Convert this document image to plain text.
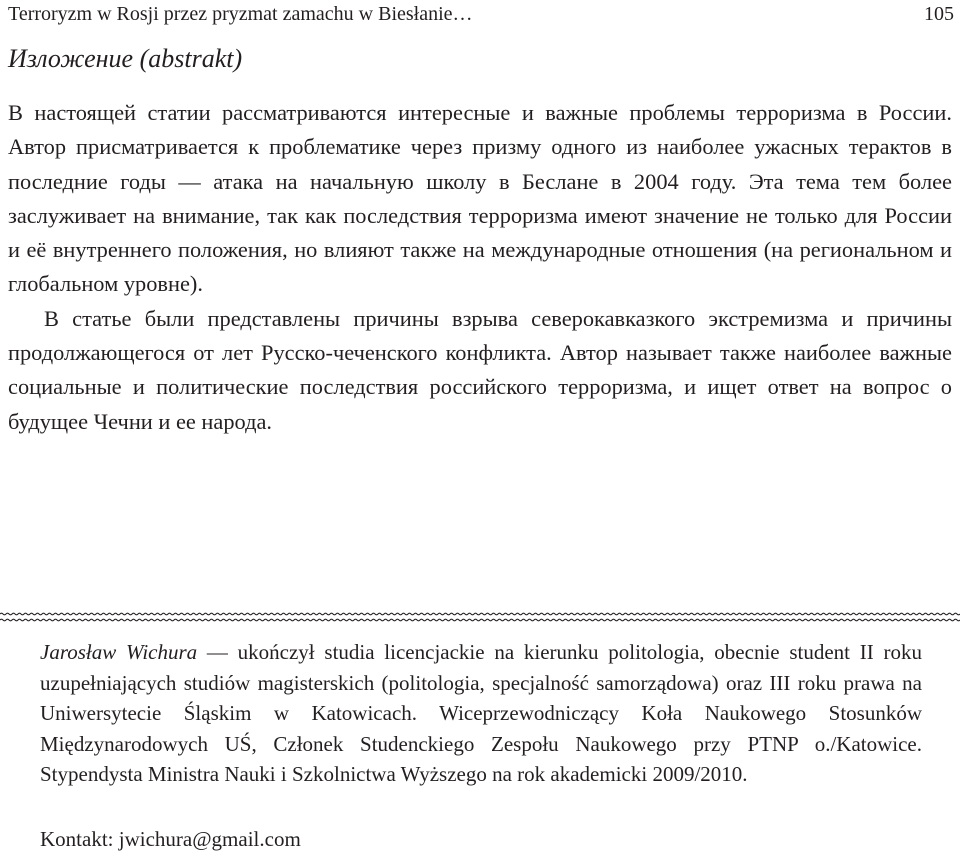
Terroryzm w Rosji przez pryzmat zamachu w Biesłanie…	105
Изложение (abstrakt)

В настоящей статии рассматриваются интересные и важные проблемы терроризма в России. Автор присматривается к проблематике через призму одного из наиболее ужасных терактов в последние годы — атака на начальную школу в Беслане в 2004 году. Эта тема тем более заслуживает на внимание, так как последствия терроризма имеют значение не только для России и её внутреннего положения, но влияют также на международные отношения (на региональном и глобальном уровне).

В статье были представлены причины взрыва северокавказкого экстремизма и причины продолжающегося от лет Русско-чеченского конфликта. Автор называет также наиболее важные социальные и политические последствия российского терроризма, и ищет ответ на вопрос о будущее Чечни и ее народа.

Jarosław Wichura — ukończył studia licencjackie na kierunku politologia, obecnie student II roku uzupełniających studiów magisterskich (politologia, specjalność samorządowa) oraz III roku prawa na Uniwersytecie Śląskim w Katowicach. Wiceprzewodniczący Koła Naukowego Stosunków Międzynarodowych UŚ, Członek Studenckiego Zespołu Naukowego przy PTNP o./Katowice. Stypendysta Ministra Nauki i Szkolnictwa Wyższego na rok akademicki 2009/2010.

Kontakt: jwichura@gmail.com
